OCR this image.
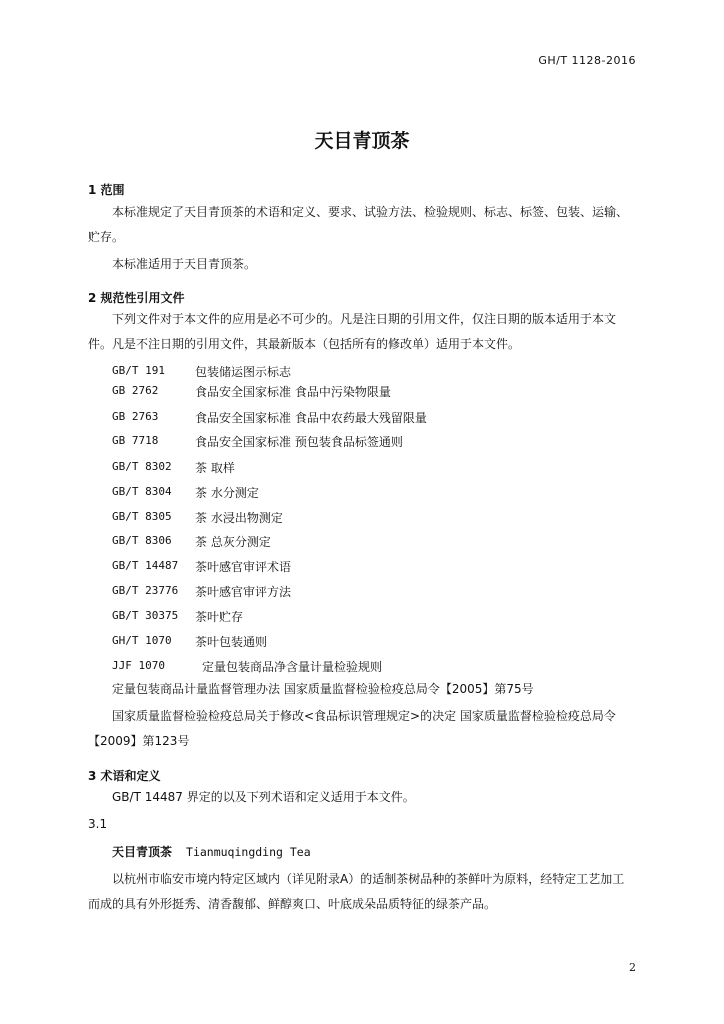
GH/T 1128-2016
天目青顶茶
1 范围
本标准规定了天目青顶茶的术语和定义、要求、试验方法、检验规则、标志、标签、包装、运输、贮存。
本标准适用于天目青顶茶。
2 规范性引用文件
下列文件对于本文件的应用是必不可少的。凡是注日期的引用文件，仅注日期的版本适用于本文件。凡是不注日期的引用文件，其最新版本（包括所有的修改单）适用于本文件。
GB/T 191	包装储运图示标志
GB 2762	食品安全国家标准 食品中污染物限量
GB 2763	食品安全国家标准 食品中农药最大残留限量
GB 7718	食品安全国家标准 预包装食品标签通则
GB/T 8302 茶 取样
GB/T 8304 茶 水分测定
GB/T 8305 茶 水浸出物测定
GB/T 8306 茶 总灰分测定
GB/T 14487 茶叶感官审评术语
GB/T 23776 茶叶感官审评方法
GB/T 30375 茶叶贮存
GH/T 1070 茶叶包装通则
JJF 1070	定量包装商品净含量计量检验规则
定量包装商品计量监督管理办法 国家质量监督检验检疫总局令【2005】第75号
国家质量监督检验检疫总局关于修改<食品标识管理规定>的决定 国家质量监督检验检疫总局令【2009】第123号
3 术语和定义
GB/T 14487 界定的以及下列术语和定义适用于本文件。
3.1
天目青顶茶 Tianmuqingding Tea
以杭州市临安市境内特定区域内（详见附录A）的适制茶树品种的茶鲜叶为原料，经特定工艺加工而成的具有外形挺秀、清香馥郁、鲜醇爽口、叶底成朵品质特征的绿茶产品。
2
